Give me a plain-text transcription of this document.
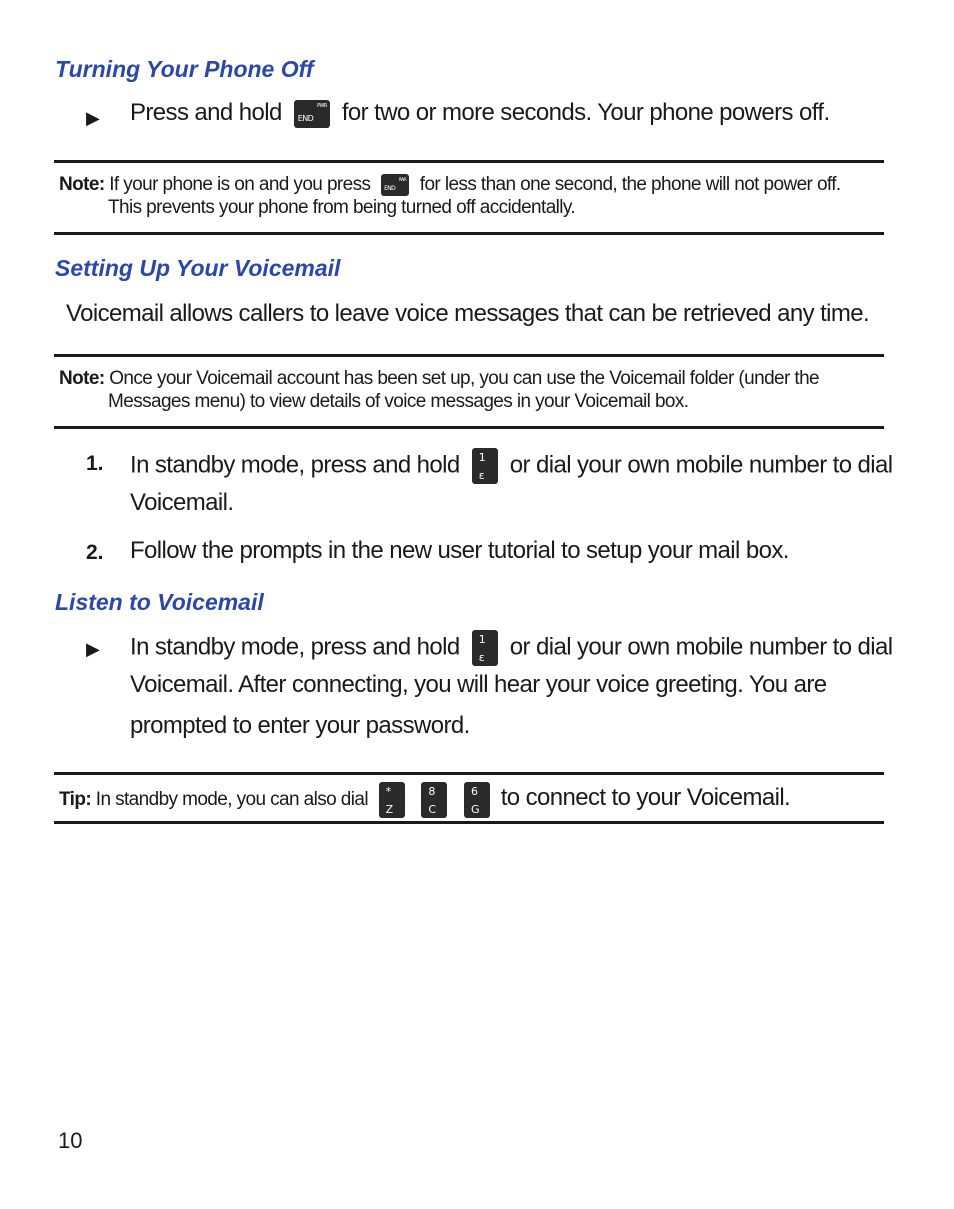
Turning Your Phone Off
▶ Press and hold END
PWR for two or more seconds. Your phone powers off.
Note: If your phone is on and you press END
PWR for less than one second, the phone will not power off.
This prevents your phone from being turned off accidentally.
Setting Up Your Voicemail
Voicemail allows callers to leave voice messages that can be retrieved any time.
Note: Once your Voicemail account has been set up, you can use the Voicemail folder (under the
Messages menu) to view details of voice messages in your Voicemail box.
1. In standby mode, press and hold 1
ε or dial your own mobile number to dial
Voicemail.
2. Follow the prompts in the new user tutorial to setup your mail box.
Listen to Voicemail
▶ In standby mode, press and hold 1
ε or dial your own mobile number to dial
Voicemail. After connecting, you will hear your voice greeting. You are
prompted to enter your password.
Tip: In standby mode, you can also dial *
Z

8
C

6
G to connect to your Voicemail.
10
